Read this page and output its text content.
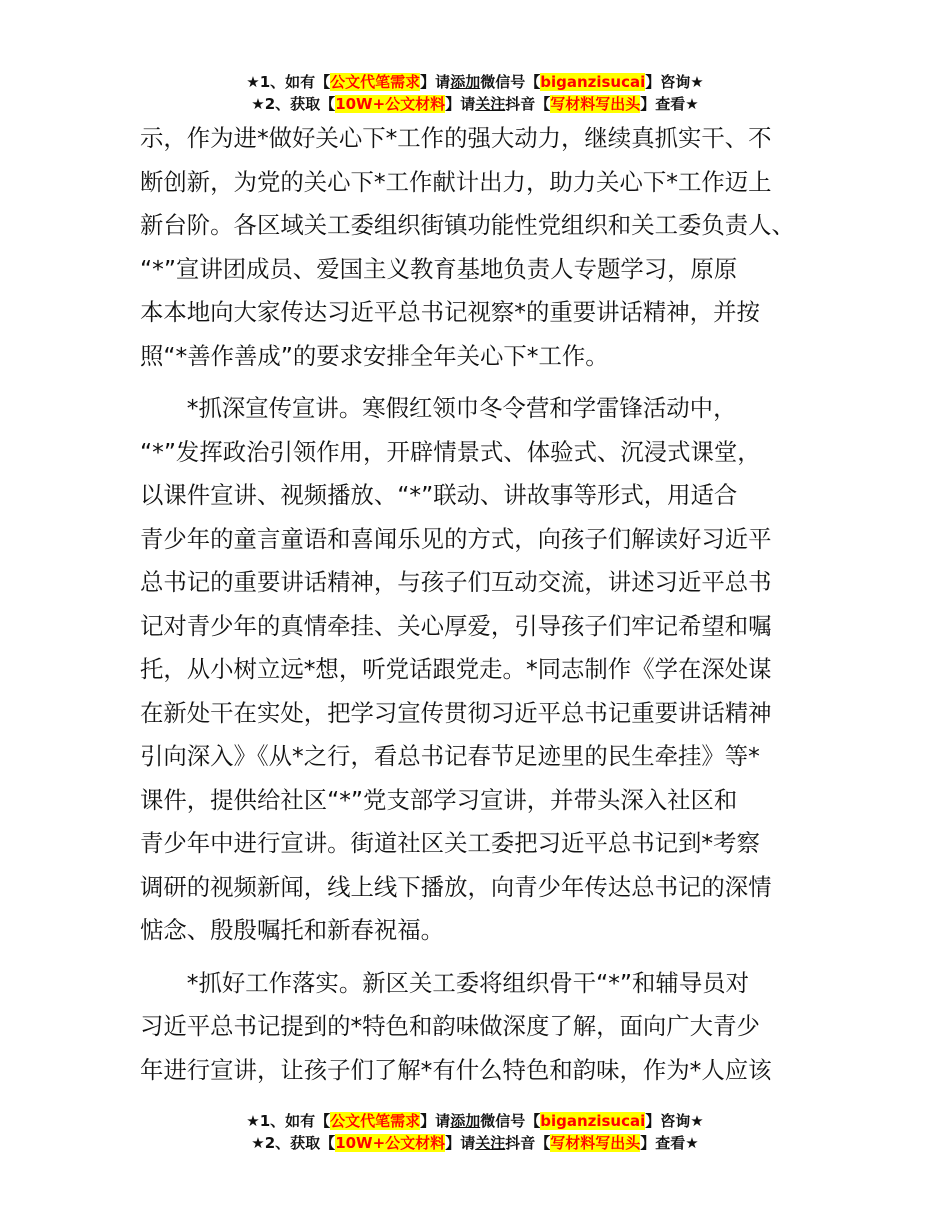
★1、如有【公文代笔需求】请添加微信号【biganzisucai】咨询★
★2、获取【10W+公文材料】请关注抖音【写材料写出头】查看★
示，作为进*做好关心下*工作的强大动力，继续真抓实干、不
断创新，为党的关心下*工作献计出力，助力关心下*工作迈上
新台阶。各区域关工委组织街镇功能性党组织和关工委负责人、
“*”宣讲团成员、爱国主义教育基地负责人专题学习，原原
本本地向大家传达习近平总书记视察*的重要讲话精神，并按
照“*善作善成”的要求安排全年关心下*工作。
　　*抓深宣传宣讲。寒假红领巾冬令营和学雷锋活动中，
“*”发挥政治引领作用，开辟情景式、体验式、沉浸式课堂，
以课件宣讲、视频播放、“*”联动、讲故事等形式，用适合
青少年的童言童语和喜闻乐见的方式，向孩子们解读好习近平
总书记的重要讲话精神，与孩子们互动交流，讲述习近平总书
记对青少年的真情牵挂、关心厚爱，引导孩子们牢记希望和嘱
托，从小树立远*想，听党话跟党走。*同志制作《学在深处谋
在新处干在实处，把学习宣传贯彻习近平总书记重要讲话精神
引向深入》《从*之行，看总书记春节足迹里的民生牵挂》等*
课件，提供给社区“*”党支部学习宣讲，并带头深入社区和
青少年中进行宣讲。街道社区关工委把习近平总书记到*考察
调研的视频新闻，线上线下播放，向青少年传达总书记的深情
惦念、殷殷嘱托和新春祝福。
　　*抓好工作落实。新区关工委将组织骨干“*”和辅导员对
习近平总书记提到的*特色和韵味做深度了解，面向广大青少
年进行宣讲，让孩子们了解*有什么特色和韵味，作为*人应该
★1、如有【公文代笔需求】请添加微信号【biganzisucai】咨询★
★2、获取【10W+公文材料】请关注抖音【写材料写出头】查看★
